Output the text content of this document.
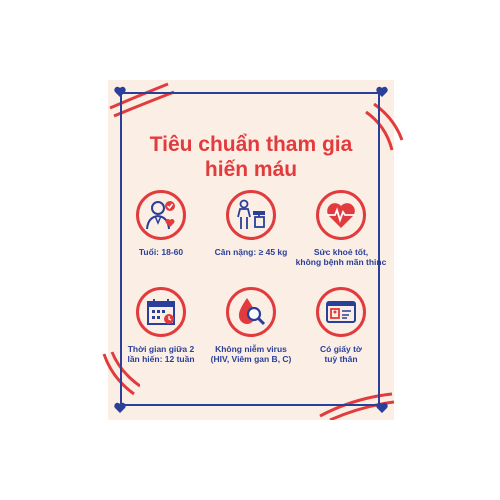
Tiêu chuẩn tham gia
hiến máu
Tuổi: 18-60	Cân nặng: ≥ 45 kg	Sức khoẻ tốt,
không bệnh mãn thinc
Thời gian giữa 2
lần hiến: 12 tuần
Không niễm virus
(HIV, Viêm gan B, C)
Có giấy tờ
tuỳ thân
